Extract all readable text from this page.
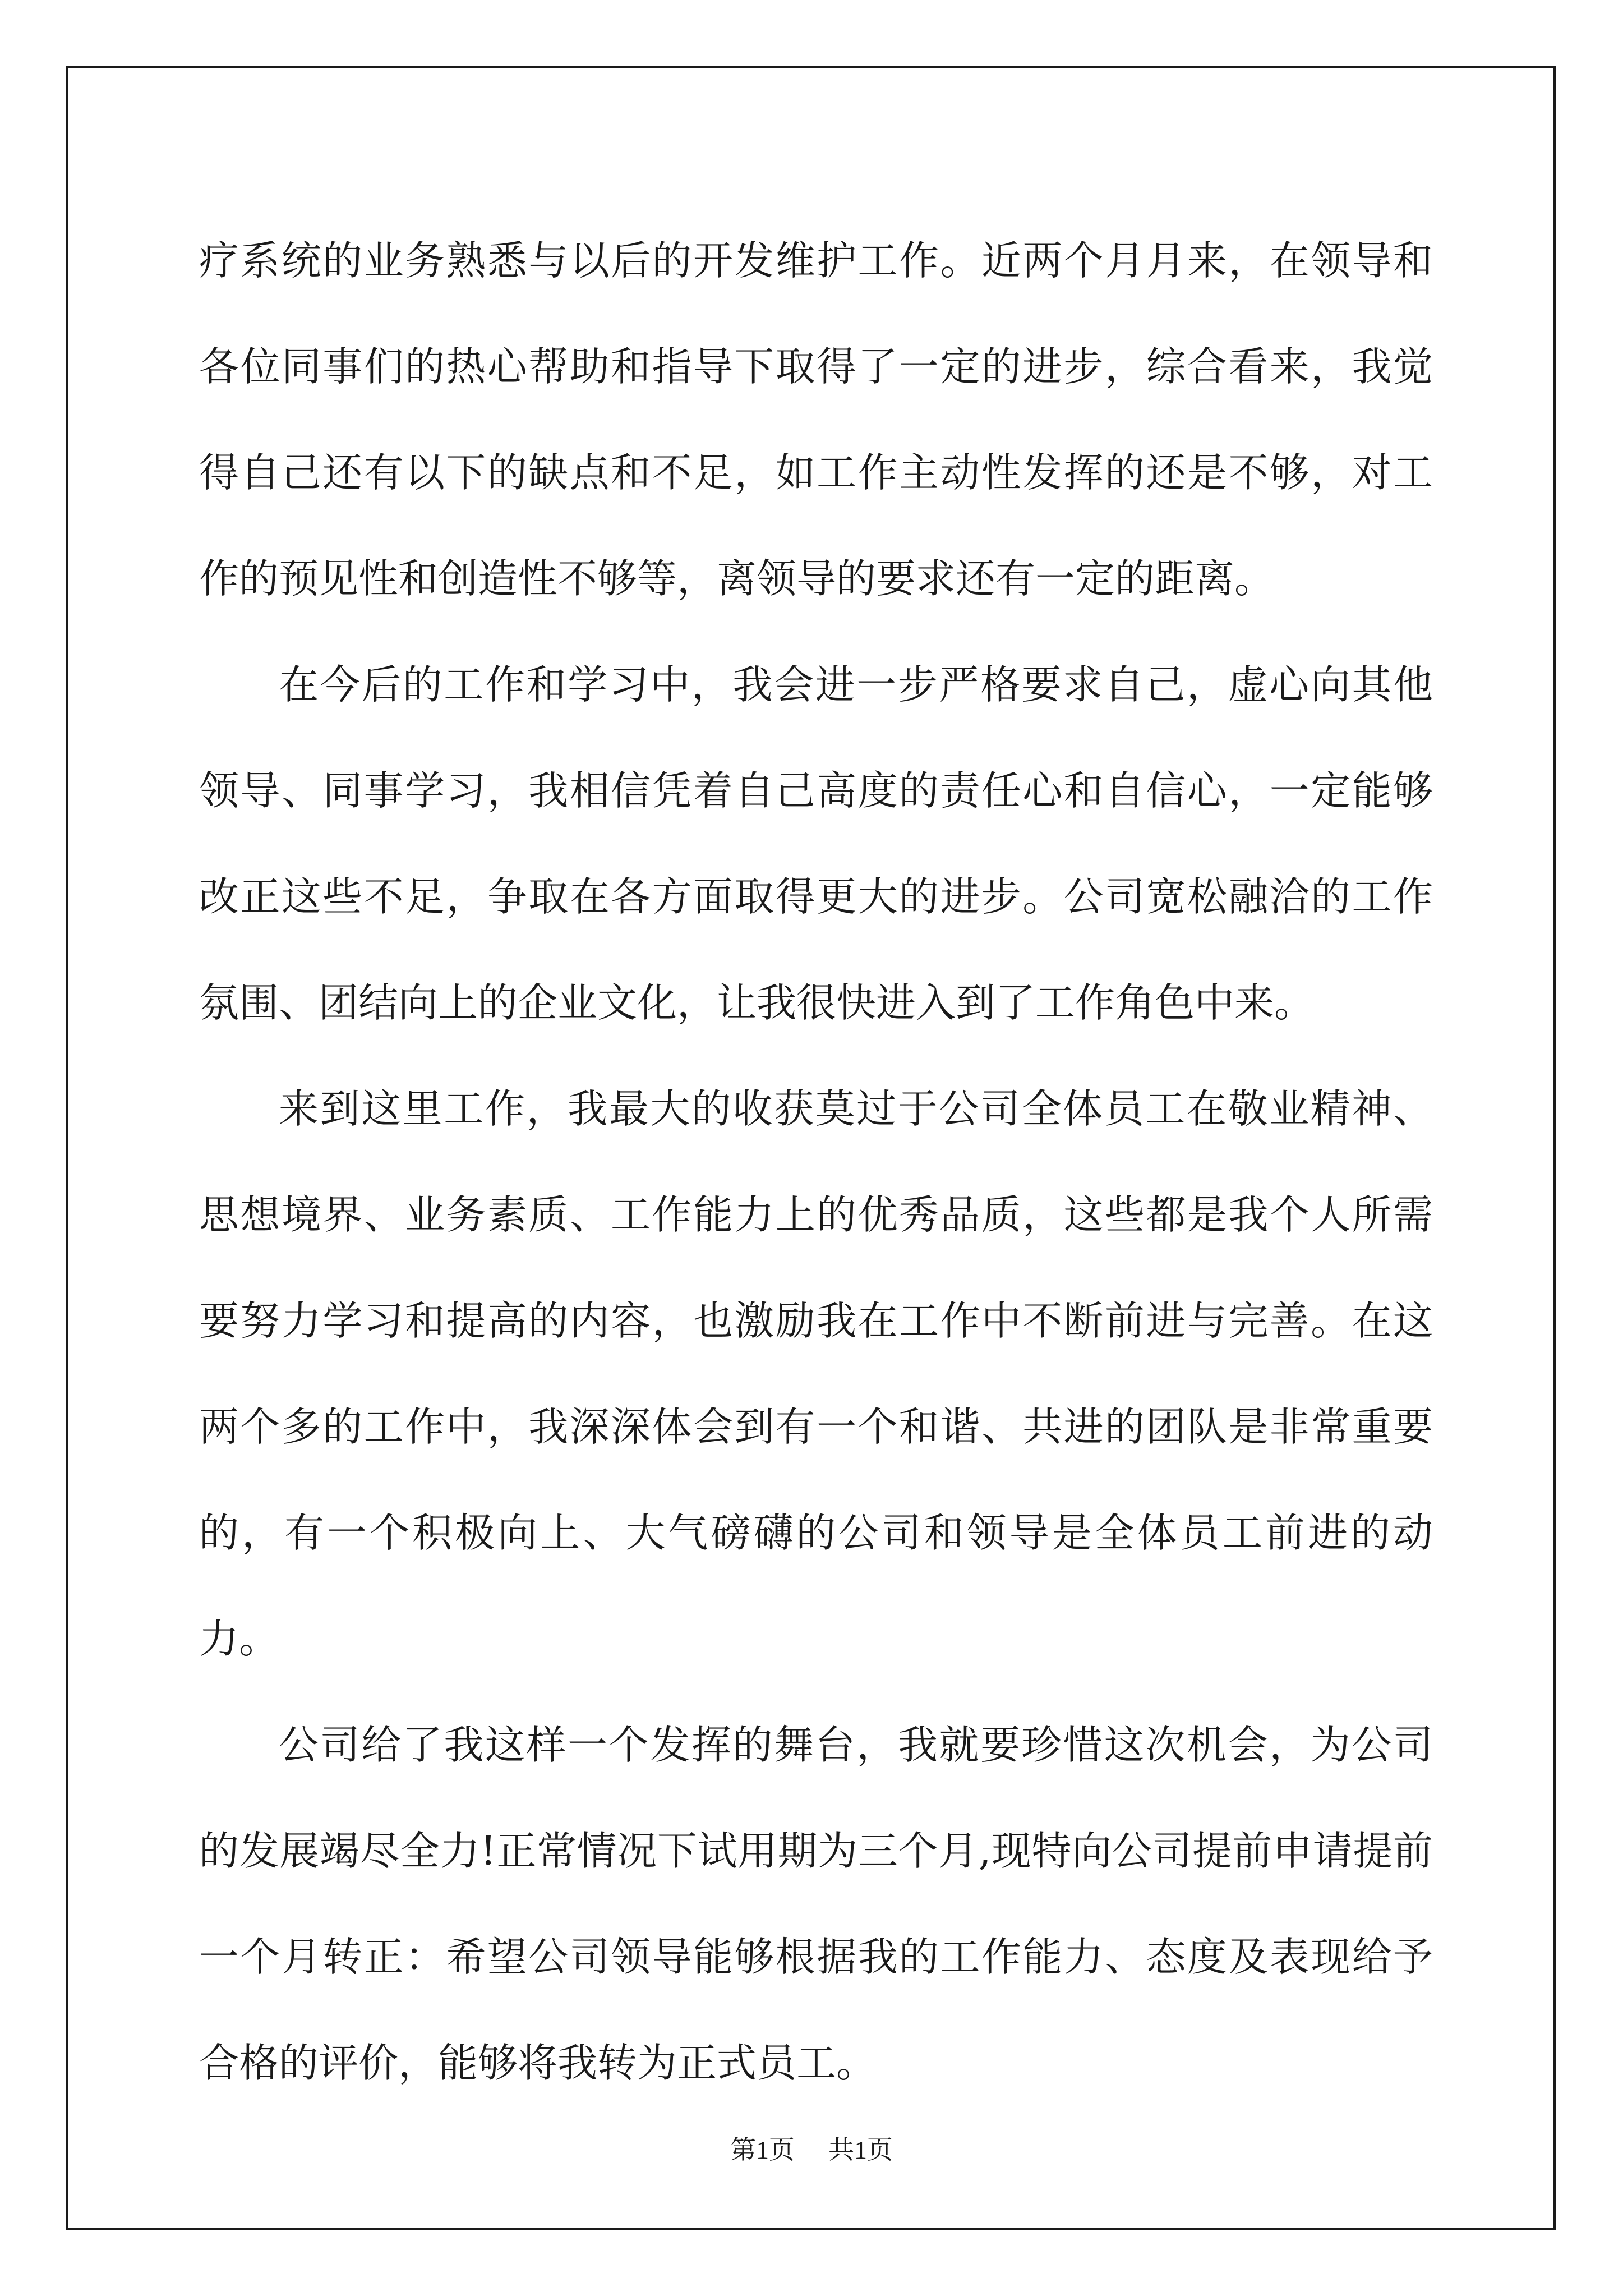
疗系统的业务熟悉与以后的开发维护工作。近两个月月来，在领导和各位同事们的热心帮助和指导下取得了一定的进步，综合看来，我觉得自己还有以下的缺点和不足，如工作主动性发挥的还是不够，对工作的预见性和创造性不够等，离领导的要求还有一定的距离。

在今后的工作和学习中，我会进一步严格要求自己，虚心向其他领导、同事学习，我相信凭着自己高度的责任心和自信心，一定能够改正这些不足，争取在各方面取得更大的进步。公司宽松融洽的工作氛围、团结向上的企业文化，让我很快进入到了工作角色中来。

来到这里工作，我最大的收获莫过于公司全体员工在敬业精神、思想境界、业务素质、工作能力上的优秀品质，这些都是我个人所需要努力学习和提高的内容，也激励我在工作中不断前进与完善。在这两个多的工作中，我深深体会到有一个和谐、共进的团队是非常重要的，有一个积极向上、大气磅礴的公司和领导是全体员工前进的动力。

公司给了我这样一个发挥的舞台，我就要珍惜这次机会，为公司的发展竭尽全力!正常情况下试用期为三个月,现特向公司提前申请提前一个月转正：希望公司领导能够根据我的工作能力、态度及表现给予合格的评价，能够将我转为正式员工。

第1页 共1页
